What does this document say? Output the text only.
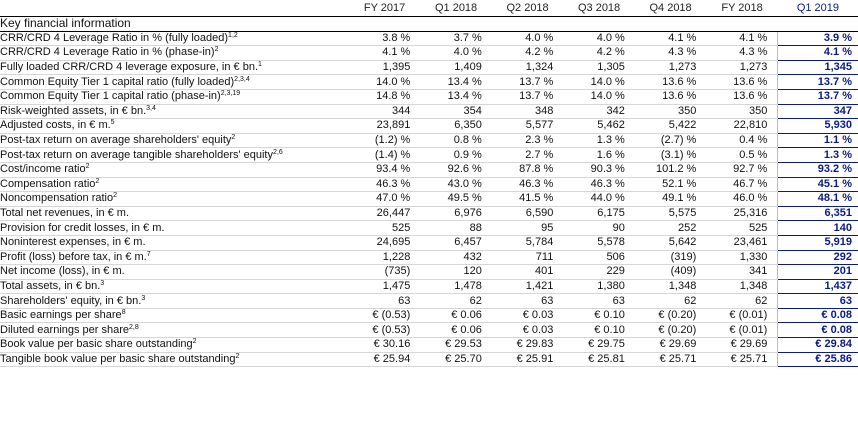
	FY 2017	Q1 2018	Q2 2018	Q3 2018	Q4 2018	FY 2018	Q1 2019
Key financial information							
CRR/CRD 4 Leverage Ratio in % (fully loaded)$^{1,2}$	3.8 %	3.7 %	4.0 %	4.0 %	4.1 %	4.1 %	3.9 %
CRR/CRD 4 Leverage Ratio in % (phase-in)$^2$	4.1 %	4.0 %	4.2 %	4.2 %	4.3 %	4.3 %	4.1 %
Fully loaded CRR/CRD 4 leverage exposure, in € bn.$^1$	1,395	1,409	1,324	1,305	1,273	1,273	1,345
Common Equity Tier 1 capital ratio (fully loaded)$^{2,3,4}$	14.0 %	13.4 %	13.7 %	14.0 %	13.6 %	13.6 %	13.7 %
Common Equity Tier 1 capital ratio (phase-in)$^{2,3,19}$	14.8 %	13.4 %	13.7 %	14.0 %	13.6 %	13.6 %	13.7 %
Risk-weighted assets, in € bn.$^{3,4}$	344	354	348	342	350	350	347
Adjusted costs, in € m.$^5$	23,891	6,350	5,577	5,462	5,422	22,810	5,930
Post-tax return on average shareholders' equity$^2$	(1.2) %	0.8 %	2.3 %	1.3 %	(2.7) %	0.4 %	1.1 %
Post-tax return on average tangible shareholders' equity$^{2,6}$	(1.4) %	0.9 %	2.7 %	1.6 %	(3.1) %	0.5 %	1.3 %
Cost/income ratio$^2$	93.4 %	92.6 %	87.8 %	90.3 %	101.2 %	92.7 %	93.2 %
Compensation ratio$^2$	46.3 %	43.0 %	46.3 %	46.3 %	52.1 %	46.7 %	45.1 %
Noncompensation ratio$^2$	47.0 %	49.5 %	41.5 %	44.0 %	49.1 %	46.0 %	48.1 %
Total net revenues, in € m.	26,447	6,976	6,590	6,175	5,575	25,316	6,351
Provision for credit losses, in € m.	525	88	95	90	252	525	140
Noninterest expenses, in € m.	24,695	6,457	5,784	5,578	5,642	23,461	5,919
Profit (loss) before tax, in € m.$^7$	1,228	432	711	506	(319)	1,330	292
Net income (loss), in € m.	(735)	120	401	229	(409)	341	201
Total assets, in € bn.$^3$	1,475	1,478	1,421	1,380	1,348	1,348	1,437
Shareholders' equity, in € bn.$^3$	63	62	63	63	62	62	63
Basic earnings per share$^8$	€ (0.53)	€ 0.06	€ 0.03	€ 0.10	€ (0.20)	€ (0.01)	€ 0.08
Diluted earnings per share$^{2,8}$	€ (0.53)	€ 0.06	€ 0.03	€ 0.10	€ (0.20)	€ (0.01)	€ 0.08
Book value per basic share outstanding$^2$	€ 30.16	€ 29.53	€ 29.83	€ 29.75	€ 29.69	€ 29.69	€ 29.84
Tangible book value per basic share outstanding$^2$	€ 25.94	€ 25.70	€ 25.91	€ 25.81	€ 25.71	€ 25.71	€ 25.86
